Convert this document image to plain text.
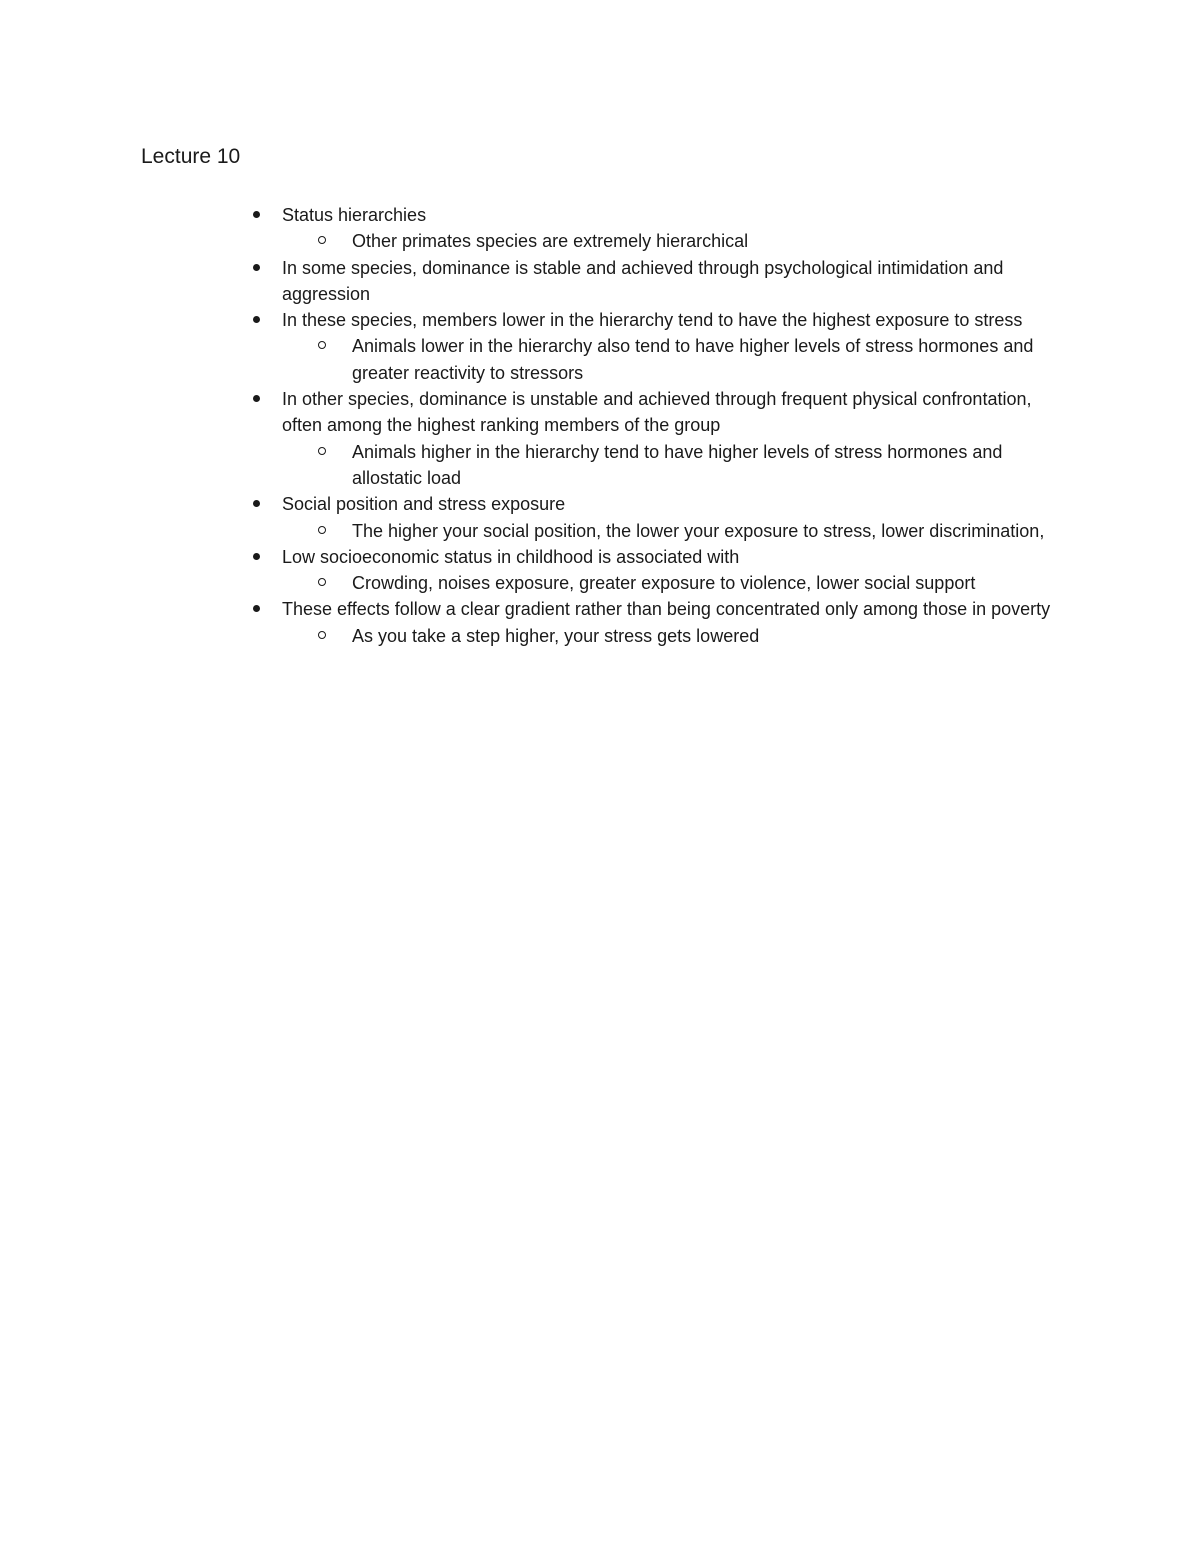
Lecture 10
Status hierarchies
Other primates species are extremely hierarchical
In some species, dominance is stable and achieved through psychological intimidation and aggression
In these species, members lower in the hierarchy tend to have the highest exposure to stress
Animals lower in the hierarchy also tend to have higher levels of stress hormones and greater reactivity to stressors
In other species, dominance is unstable and achieved through frequent physical confrontation, often among the highest ranking members of the group
Animals higher in the hierarchy tend to have higher levels of stress hormones and allostatic load
Social position and stress exposure
The higher your social position, the lower your exposure to stress, lower discrimination,
Low socioeconomic status in childhood is associated with
Crowding, noises exposure, greater exposure to violence, lower social support
These effects follow a clear gradient rather than being concentrated only among those in poverty
As you take a step higher, your stress gets lowered
